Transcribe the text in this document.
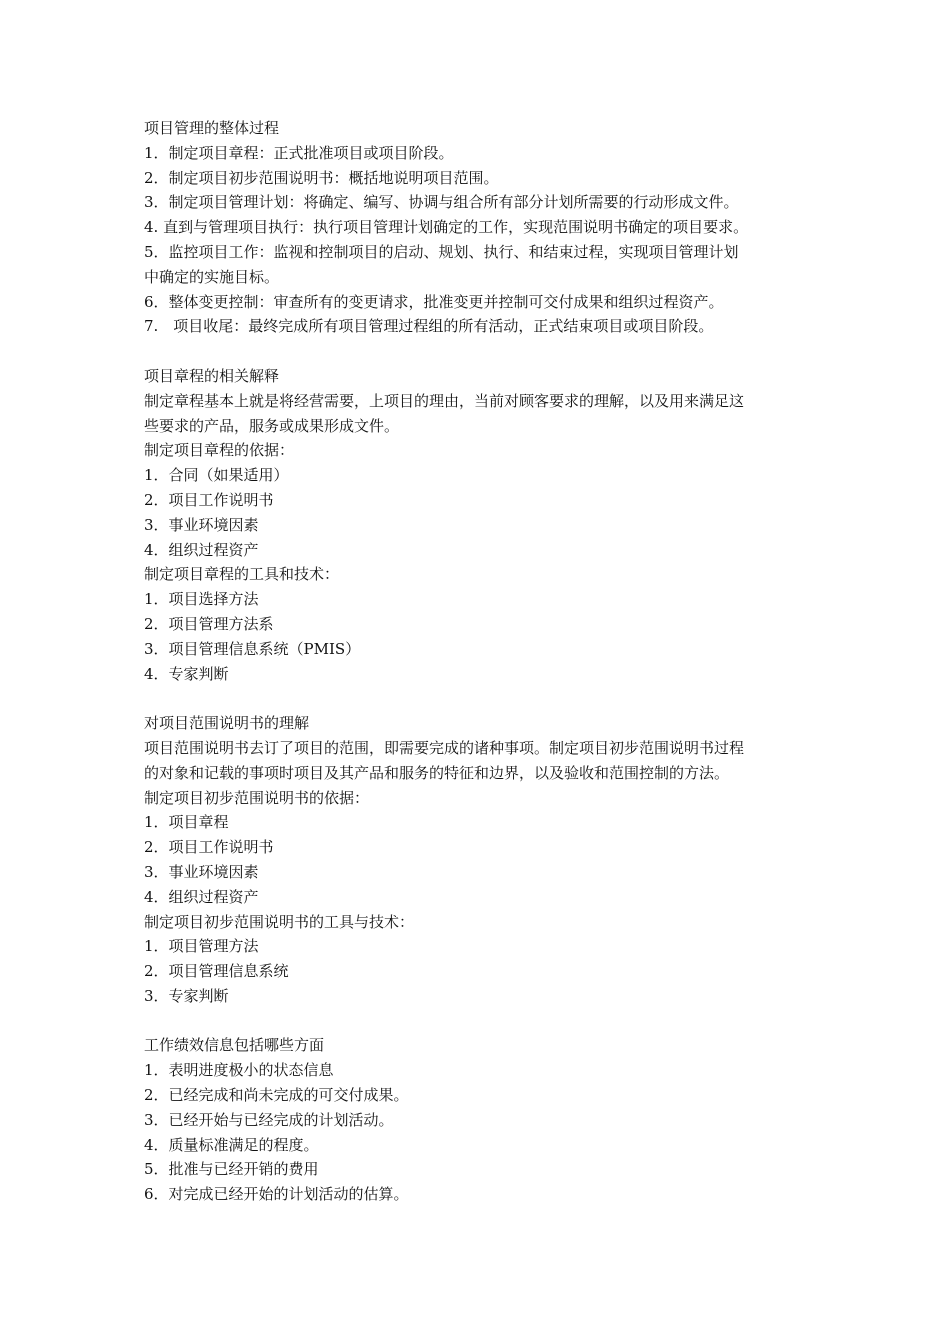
项目管理的整体过程
1．制定项目章程：正式批准项目或项目阶段。
2．制定项目初步范围说明书：概括地说明项目范围。
3．制定项目管理计划：将确定、编写、协调与组合所有部分计划所需要的行动形成文件。
4. 直到与管理项目执行：执行项目管理计划确定的工作，实现范围说明书确定的项目要求。
5．监控项目工作：监视和控制项目的启动、规划、执行、和结束过程，实现项目管理计划
中确定的实施目标。
6．整体变更控制：审查所有的变更请求，批准变更并控制可交付成果和组织过程资产。
7.　项目收尾：最终完成所有项目管理过程组的所有活动，正式结束项目或项目阶段。
项目章程的相关解释
制定章程基本上就是将经营需要，上项目的理由，当前对顾客要求的理解，以及用来满足这
些要求的产品，服务或成果形成文件。
制定项目章程的依据：
1．合同（如果适用）
2．项目工作说明书
3．事业环境因素
4．组织过程资产
制定项目章程的工具和技术：
1．项目选择方法
2．项目管理方法系
3．项目管理信息系统（PMIS）
4．专家判断
对项目范围说明书的理解
项目范围说明书去订了项目的范围，即需要完成的诸种事项。制定项目初步范围说明书过程
的对象和记载的事项时项目及其产品和服务的特征和边界，以及验收和范围控制的方法。
制定项目初步范围说明书的依据：
1．项目章程
2．项目工作说明书
3．事业环境因素
4．组织过程资产
制定项目初步范围说明书的工具与技术：
1．项目管理方法
2．项目管理信息系统
3．专家判断
工作绩效信息包括哪些方面
1．表明进度极小的状态信息
2．已经完成和尚未完成的可交付成果。
3．已经开始与已经完成的计划活动。
4．质量标准满足的程度。
5．批准与已经开销的费用
6．对完成已经开始的计划活动的估算。
